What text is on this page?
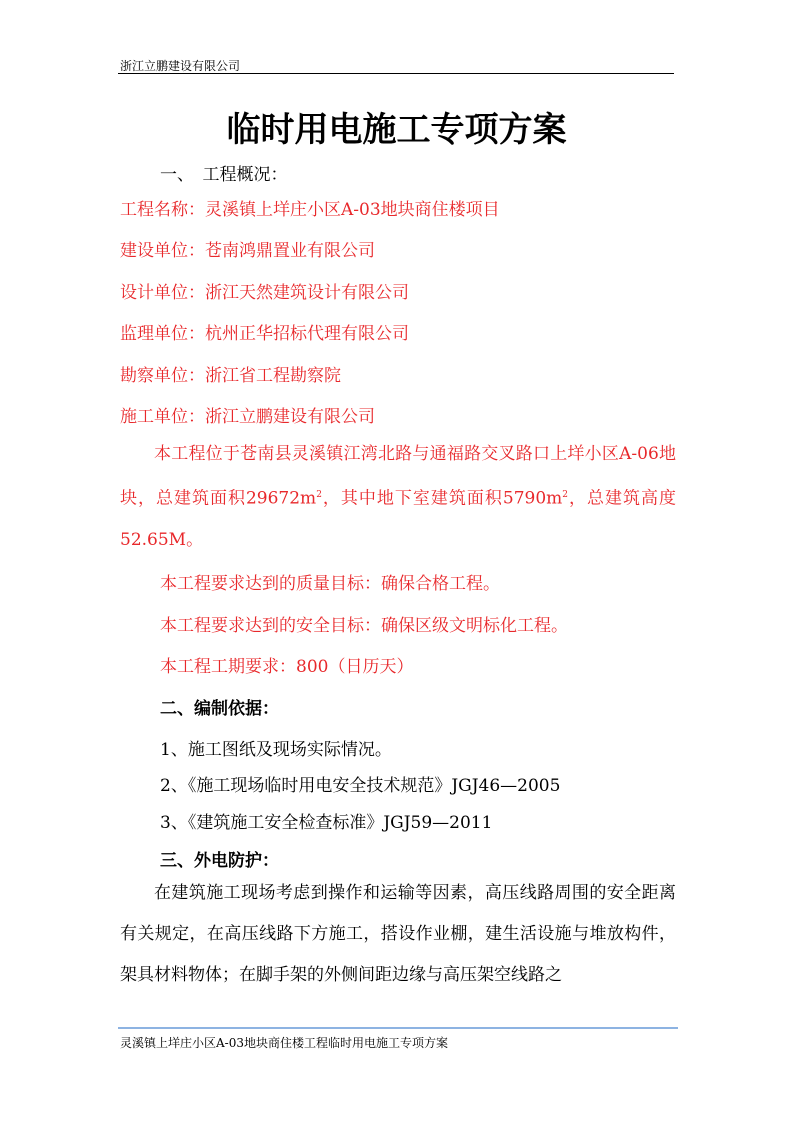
浙江立鹏建设有限公司
临时用电施工专项方案
一、　工程概况：
工程名称：灵溪镇上垟庄小区A-03地块商住楼项目
建设单位：苍南鸿鼎置业有限公司
设计单位：浙江天然建筑设计有限公司
监理单位：杭州正华招标代理有限公司
勘察单位：浙江省工程勘察院
施工单位：浙江立鹏建设有限公司
本工程位于苍南县灵溪镇江湾北路与通福路交叉路口上垟小区A-06地块，总建筑面积$29672m^2$，其中地下室建筑面积$5790m^2$，总建筑高度52.65M。
本工程要求达到的质量目标：确保合格工程。
本工程要求达到的安全目标：确保区级文明标化工程。
本工程工期要求：800（日历天）
二、编制依据：
1、施工图纸及现场实际情况。
2、《施工现场临时用电安全技术规范》JGJ46—2005
3、《建筑施工安全检查标准》JGJ59—2011
三、外电防护：
在建筑施工现场考虑到操作和运输等因素，高压线路周围的安全距离有关规定，在高压线路下方施工，搭设作业棚，建生活设施与堆放构件，架具材料物体；在脚手架的外侧间距边缘与高压架空线路之
灵溪镇上垟庄小区A-03地块商住楼工程临时用电施工专项方案
